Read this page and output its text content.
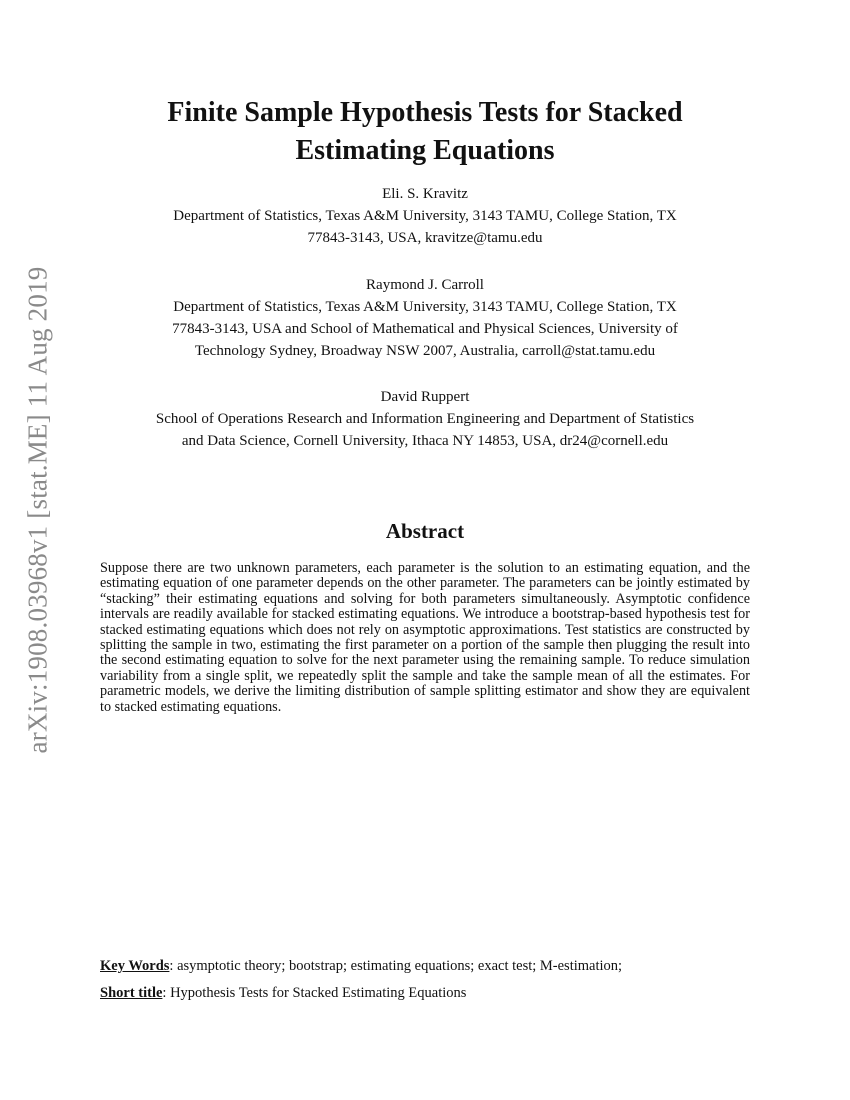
arXiv:1908.03968v1 [stat.ME] 11 Aug 2019
Finite Sample Hypothesis Tests for Stacked
Estimating Equations
Eli. S. Kravitz
Department of Statistics, Texas A&M University, 3143 TAMU, College Station, TX
77843-3143, USA, kravitze@tamu.edu
Raymond J. Carroll
Department of Statistics, Texas A&M University, 3143 TAMU, College Station, TX
77843-3143, USA and School of Mathematical and Physical Sciences, University of
Technology Sydney, Broadway NSW 2007, Australia, carroll@stat.tamu.edu
David Ruppert
School of Operations Research and Information Engineering and Department of Statistics
and Data Science, Cornell University, Ithaca NY 14853, USA, dr24@cornell.edu
Abstract

Suppose there are two unknown parameters, each parameter is the solution to an estimating equation, and the estimating equation of one parameter depends on the other parameter. The parameters can be jointly estimated by “stacking” their estimating equations and solving for both parameters simultaneously. Asymptotic confidence intervals are readily available for stacked estimating equations. We introduce a bootstrap-based hypothesis test for stacked estimating equations which does not rely on asymptotic approximations. Test statistics are constructed by splitting the sample in two, estimating the first parameter on a portion of the sample then plugging the result into the second estimating equation to solve for the next parameter using the remaining sample. To reduce simulation variability from a single split, we repeatedly split the sample and take the sample mean of all the estimates. For parametric models, we derive the limiting distribution of sample splitting estimator and show they are equivalent to stacked estimating equations.

Key Words: asymptotic theory; bootstrap; estimating equations; exact test; M-estimation;
Short title: Hypothesis Tests for Stacked Estimating Equations
